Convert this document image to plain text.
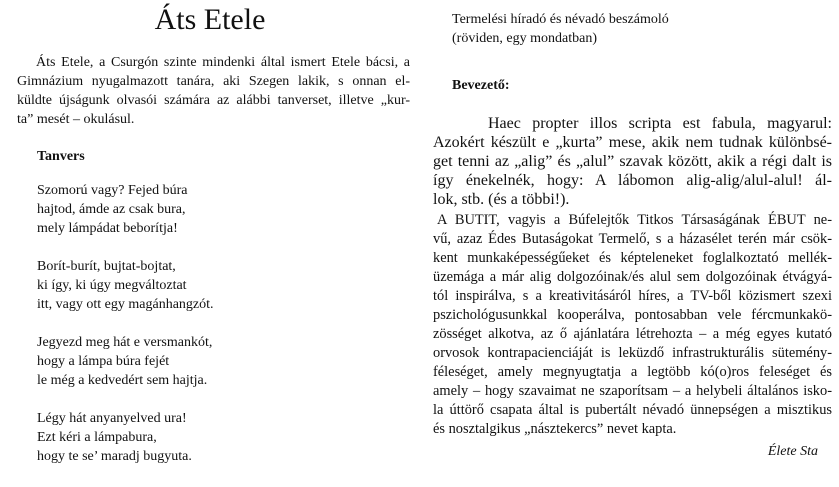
Áts Etele
Áts Etele, a Csurgón szinte mindenki által ismert Etele bácsi, a
Gimnázium nyugalmazott tanára, aki Szegen lakik, s onnan el-
küldte újságunk olvasói számára az alábbi tanverset, illetve „kur-
ta” mesét – okulásul.
Tanvers
Szomorú vagy? Fejed búra
hajtod, ámde az csak bura,
mely lámpádat beborítja!
Borít-burít, bujtat-bojtat,
ki így, ki úgy megváltoztat
itt, vagy ott egy magánhangzót.
Jegyezd meg hát e versmankót,
hogy a lámpa búra fejét
le még a kedvedért sem hajtja.
Légy hát anyanyelved ura!
Ezt kéri a lámpabura,
hogy te se’ maradj bugyuta.
Termelési híradó és névadó beszámoló
(röviden, egy mondatban)
Bevezető:
Haec propter illos scripta est fabula, magyarul:
Azokért készült e „kurta” mese, akik nem tudnak különbsé-
get tenni az „alig” és „alul” szavak között, akik a régi dalt is
így énekelnék, hogy: A lábomon alig-alig/alul-alul! ál-
lok, stb. (és a többi!).
A BUTIT, vagyis a Búfelejtők Titkos Társaságának ÉBUT ne-
vű, azaz Édes Butaságokat Termelő, s a házasélet terén már csök-
kent munkaképességűeket és képteleneket foglalkoztató mellék-
üzemága a már alig dolgozóinak/és alul sem dolgozóinak étvágyá-
tól inspirálva, s a kreativitásáról híres, a TV-ből közismert szexi
pszichológusunkkal kooperálva, pontosabban vele fércmunkakö-
zösséget alkotva, az ő ajánlatára létrehozta – a még egyes kutató
orvosok kontrapacienciáját is leküzdő infrastrukturális sütemény-
féleséget, amely megnyugtatja a legtöbb kó(o)ros feleséget és
amely – hogy szavaimat ne szaporítsam – a helybeli általános isko-
la úttörő csapata által is pubertált névadó ünnepségen a misztikus
és nosztalgikus „násztekercs” nevet kapta.
Élete Sta
